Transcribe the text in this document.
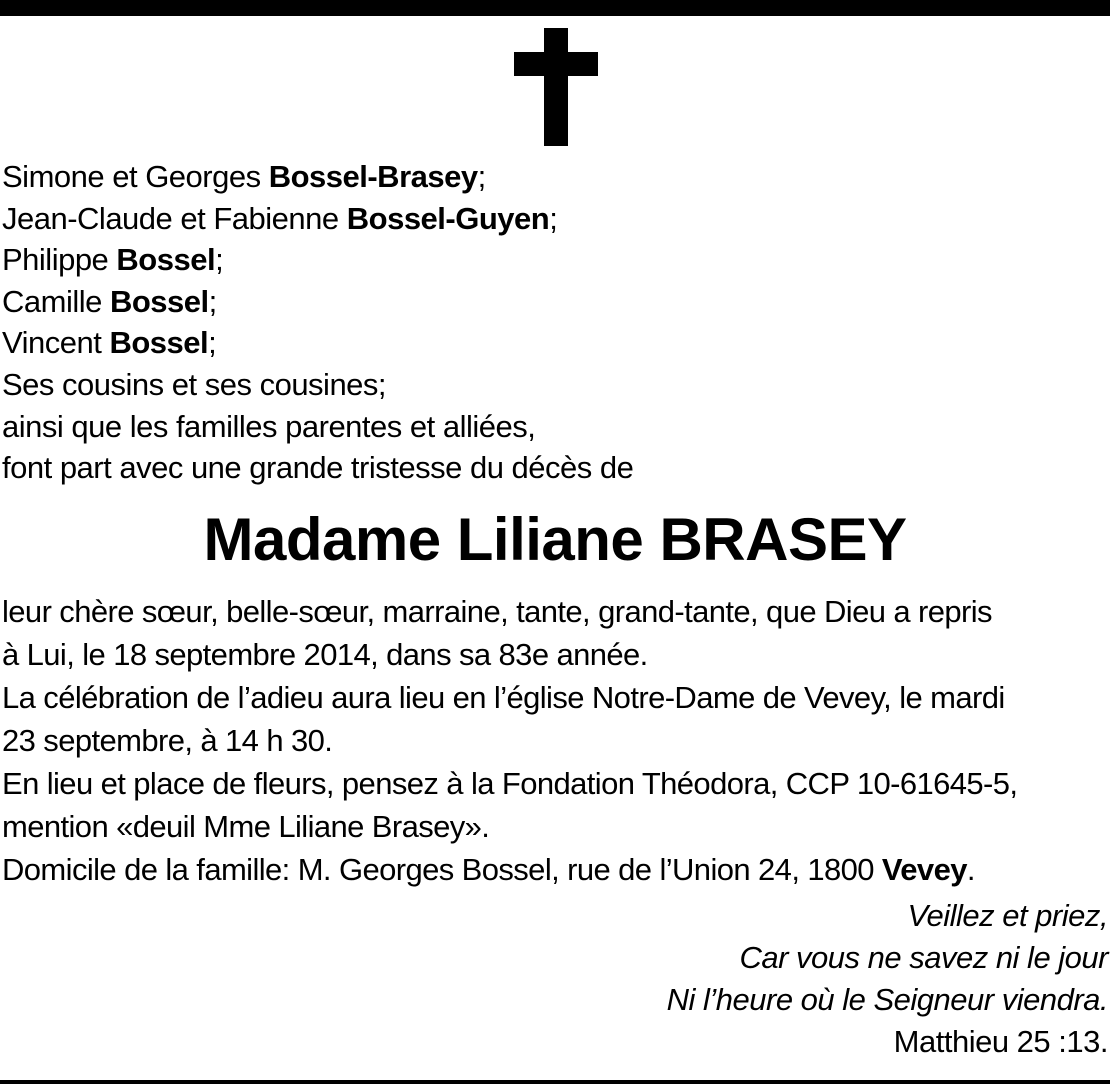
Simone et Georges Bossel-Brasey;
Jean-Claude et Fabienne Bossel-Guyen;
Philippe Bossel;
Camille Bossel;
Vincent Bossel;
Ses cousins et ses cousines;
ainsi que les familles parentes et alliées,
font part avec une grande tristesse du décès de
Madame Liliane BRASEY
leur chère sœur, belle-sœur, marraine, tante, grand-tante, que Dieu a repris
à Lui, le 18 septembre 2014, dans sa 83e année.
La célébration de l’adieu aura lieu en l’église Notre-Dame de Vevey, le mardi
23 septembre, à 14 h 30.
En lieu et place de fleurs, pensez à la Fondation Théodora, CCP 10-61645-5,
mention «deuil Mme Liliane Brasey».
Domicile de la famille: M. Georges Bossel, rue de l’Union 24, 1800 Vevey.
Veillez et priez,
Car vous ne savez ni le jour
Ni l’heure où le Seigneur viendra.
Matthieu 25 :13.
